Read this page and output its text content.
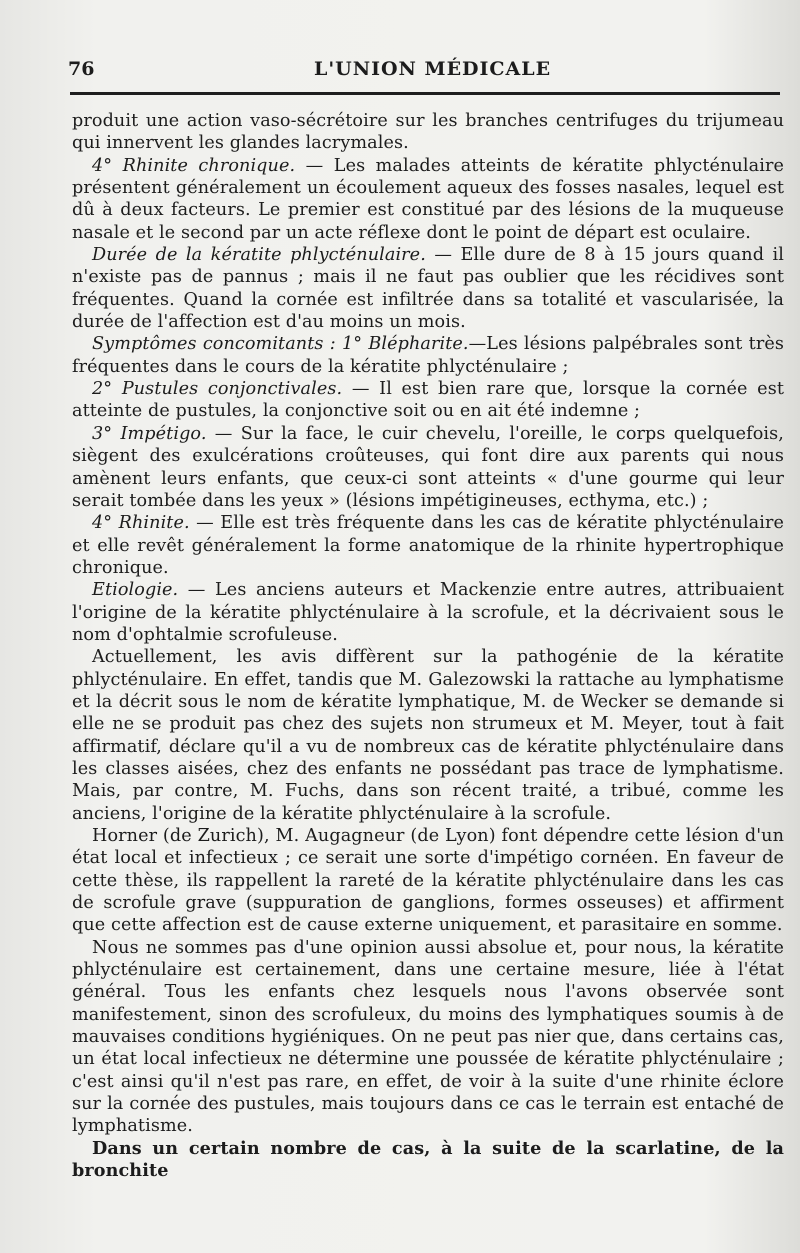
76	L'UNION MÉDICALE

produit une action vaso-sécrétoire sur les branches centrifuges du trijumeau qui innervent les glandes lacrymales.

4° Rhinite chronique. — Les malades atteints de kératite phlycténulaire présentent généralement un écoulement aqueux des fosses nasales, lequel est dû à deux facteurs. Le premier est constitué par des lésions de la muqueuse nasale et le second par un acte réflexe dont le point de départ est oculaire.

Durée de la kératite phlycténulaire. — Elle dure de 8 à 15 jours quand il n'existe pas de pannus ; mais il ne faut pas oublier que les récidives sont fréquentes. Quand la cornée est infiltrée dans sa totalité et vascularisée, la durée de l'affection est d'au moins un mois.

Symptômes concomitants : 1° Blépharite.—Les lésions palpébrales sont très fréquentes dans le cours de la kératite phlycténulaire ;

2° Pustules conjonctivales. — Il est bien rare que, lorsque la cornée est atteinte de pustules, la conjonctive soit ou en ait été indemne ;

3° Impétigo. — Sur la face, le cuir chevelu, l'oreille, le corps quelquefois, siègent des exulcérations croûteuses, qui font dire aux parents qui nous amènent leurs enfants, que ceux-ci sont atteints « d'une gourme qui leur serait tombée dans les yeux » (lésions impétigineuses, ecthyma, etc.) ;

4° Rhinite. — Elle est très fréquente dans les cas de kératite phlycténulaire et elle revêt généralement la forme anatomique de la rhinite hypertrophique chronique.

Etiologie. — Les anciens auteurs et Mackenzie entre autres, attribuaient l'origine de la kératite phlycténulaire à la scrofule, et la décrivaient sous le nom d'ophtalmie scrofuleuse.

Actuellement, les avis diffèrent sur la pathogénie de la kératite phlycténulaire. En effet, tandis que M. Galezowski la rattache au lymphatisme et la décrit sous le nom de kératite lymphatique, M. de Wecker se demande si elle ne se produit pas chez des sujets non strumeux et M. Meyer, tout à fait affirmatif, déclare qu'il a vu de nombreux cas de kératite phlycténulaire dans les classes aisées, chez des enfants ne possédant pas trace de lymphatisme. Mais, par contre, M. Fuchs, dans son récent traité, a tribué, comme les anciens, l'origine de la kératite phlycténulaire à la scrofule.

Horner (de Zurich), M. Augagneur (de Lyon) font dépendre cette lésion d'un état local et infectieux ; ce serait une sorte d'impétigo cornéen. En faveur de cette thèse, ils rappellent la rareté de la kératite phlycténulaire dans les cas de scrofule grave (suppuration de ganglions, formes osseuses) et affirment que cette affection est de cause externe uniquement, et parasitaire en somme.

Nous ne sommes pas d'une opinion aussi absolue et, pour nous, la kératite phlycténulaire est certainement, dans une certaine mesure, liée à l'état général. Tous les enfants chez lesquels nous l'avons observée sont manifestement, sinon des scrofuleux, du moins des lymphatiques soumis à de mauvaises conditions hygiéniques. On ne peut pas nier que, dans certains cas, un état local infectieux ne détermine une poussée de kératite phlycténulaire ; c'est ainsi qu'il n'est pas rare, en effet, de voir à la suite d'une rhinite éclore sur la cornée des pustules, mais toujours dans ce cas le terrain est entaché de lymphatisme.

Dans un certain nombre de cas, à la suite de la scarlatine, de la bronchite
